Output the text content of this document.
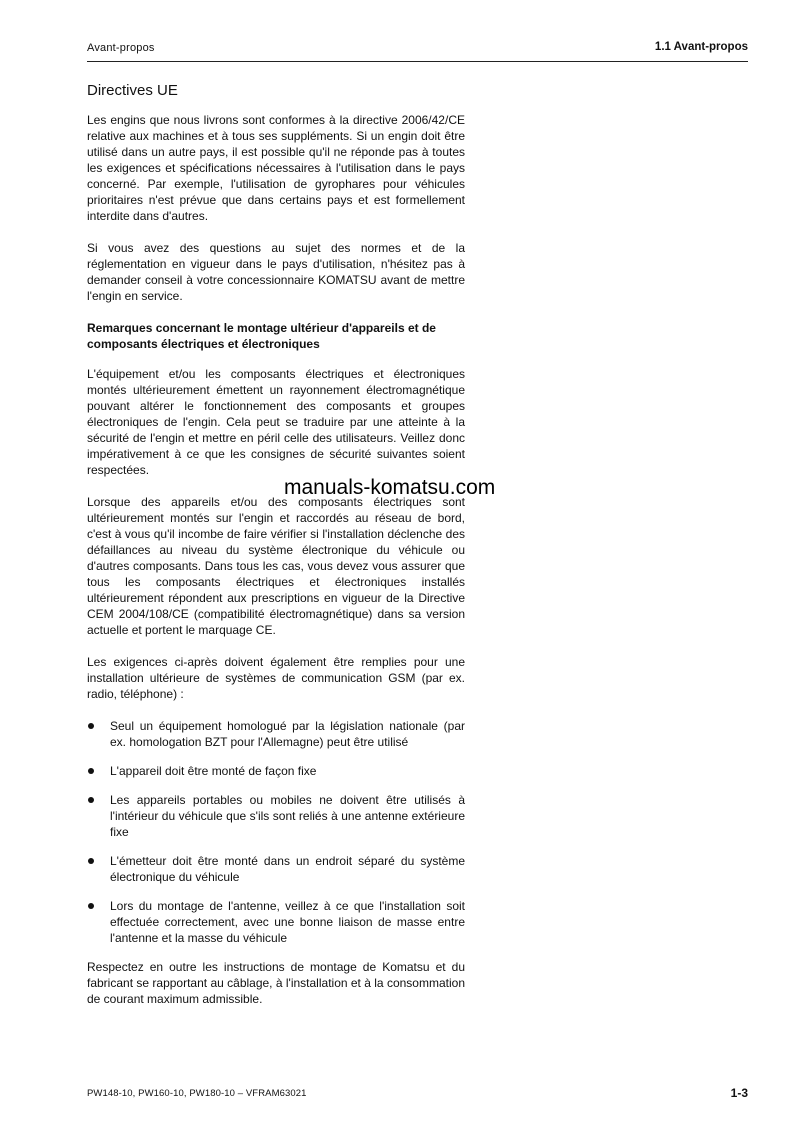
Avant-propos	1.1 Avant-propos
Directives UE

Les engins que nous livrons sont conformes à la directive 2006/42/CE relative aux machines et à tous ses suppléments. Si un engin doit être utilisé dans un autre pays, il est possible qu'il ne réponde pas à toutes les exigences et spécifications nécessaires à l'utilisation dans le pays concerné. Par exemple, l'utilisation de gyrophares pour véhicules prioritaires n'est prévue que dans certains pays et est formellement interdite dans d'autres.

Si vous avez des questions au sujet des normes et de la réglementation en vigueur dans le pays d'utilisation, n'hésitez pas à demander conseil à votre concessionnaire KOMATSU avant de mettre l'engin en service.

Remarques concernant le montage ultérieur d'appareils et de composants électriques et électroniques

L'équipement et/ou les composants électriques et électroniques montés ultérieurement émettent un rayonnement électromagnétique pouvant altérer le fonctionnement des composants et groupes électroniques de l'engin. Cela peut se traduire par une atteinte à la sécurité de l'engin et mettre en péril celle des utilisateurs. Veillez donc impérativement à ce que les consignes de sécurité suivantes soient respectées.

Lorsque des appareils et/ou des composants électriques sont ultérieurement montés sur l'engin et raccordés au réseau de bord, c'est à vous qu'il incombe de faire vérifier si l'installation déclenche des défaillances au niveau du système électronique du véhicule ou d'autres composants. Dans tous les cas, vous devez vous assurer que tous les composants électriques et électroniques installés ultérieurement répondent aux prescriptions en vigueur de la Directive CEM 2004/108/CE (compatibilité électromagnétique) dans sa version actuelle et portent le marquage CE.

Les exigences ci-après doivent également être remplies pour une installation ultérieure de systèmes de communication GSM (par ex. radio, téléphone) :

Seul un équipement homologué par la législation nationale (par ex. homologation BZT pour l'Allemagne) peut être utilisé
L'appareil doit être monté de façon fixe
Les appareils portables ou mobiles ne doivent être utilisés à l'intérieur du véhicule que s'ils sont reliés à une antenne extérieure fixe
L'émetteur doit être monté dans un endroit séparé du système électronique du véhicule
Lors du montage de l'antenne, veillez à ce que l'installation soit effectuée correctement, avec une bonne liaison de masse entre l'antenne et la masse du véhicule

Respectez en outre les instructions de montage de Komatsu et du fabricant se rapportant au câblage, à l'installation et à la consommation de courant maximum admissible.

manuals-komatsu.com
PW148-10, PW160-10, PW180-10 – VFRAM63021	1-3
